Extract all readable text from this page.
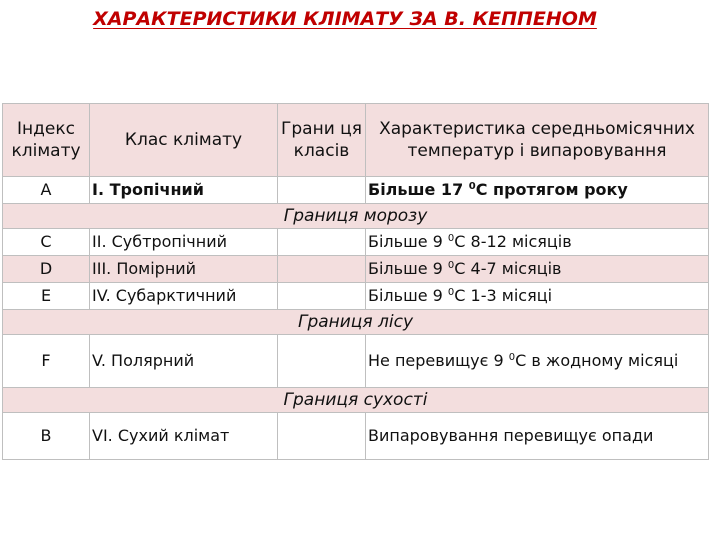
ХАРАКТЕРИСТИКИ КЛІМАТУ ЗА В. КЕППЕНОМ
Індекс клімату	Клас клімату	Грани ця класів	Характеристика середньомісячних температур і випаровування
A	I. Тропічний		Більше 17 $^0$C протягом року
Границя морозу			
C	II. Субтропічний		Більше 9 $^0$C 8-12 місяців
D	III. Помірний		Більше 9 $^0$C 4-7 місяців
E	IV. Субарктичний		Більше 9 $^0$C 1-3 місяці
Границя лісу			
F	V. Полярний		Не перевищує 9 $^0$C в жодному місяці
Границя сухості			
B	VI. Сухий клімат		Випаровування перевищує опади
